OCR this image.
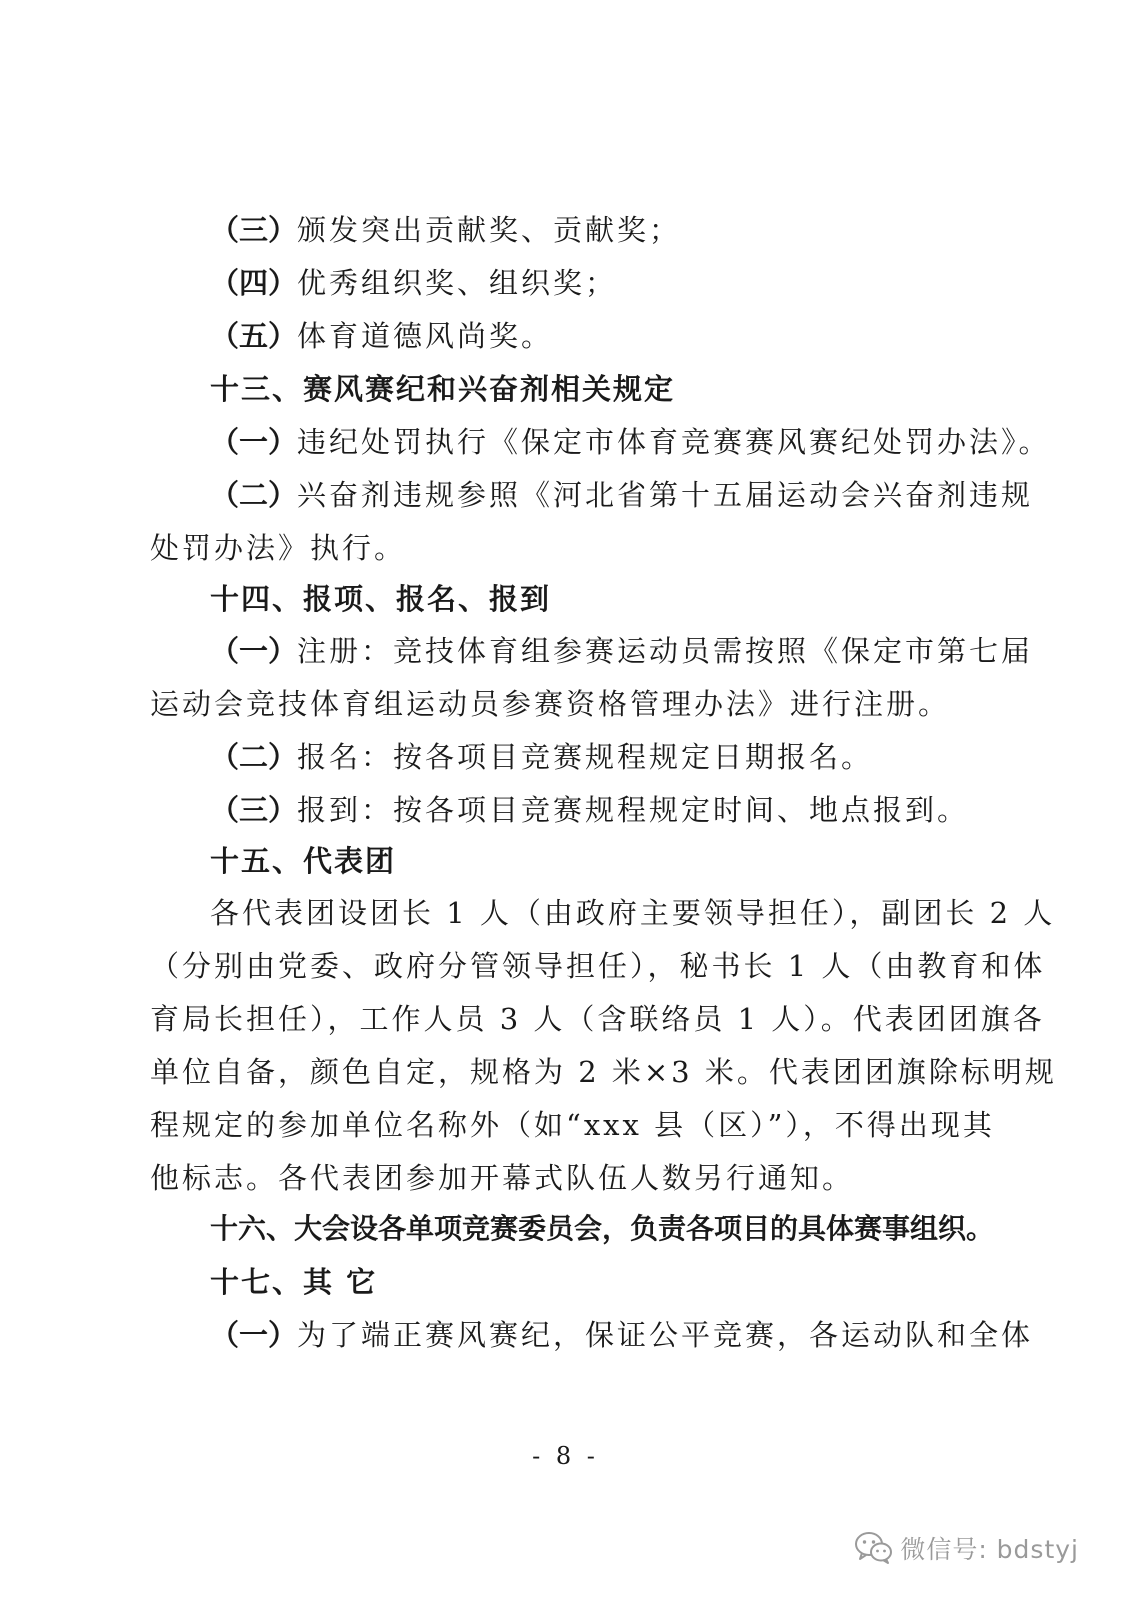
（三）颁发突出贡献奖、贡献奖；
（四）优秀组织奖、组织奖；
（五）体育道德风尚奖。
十三、赛风赛纪和兴奋剂相关规定
（一）违纪处罚执行《保定市体育竞赛赛风赛纪处罚办法》。
（二）兴奋剂违规参照《河北省第十五届运动会兴奋剂违规
处罚办法》执行。
十四、报项、报名、报到
（一）注册：竞技体育组参赛运动员需按照《保定市第七届
运动会竞技体育组运动员参赛资格管理办法》进行注册。
（二）报名：按各项目竞赛规程规定日期报名。
（三）报到：按各项目竞赛规程规定时间、地点报到。
十五、代表团
各代表团设团长 1 人（由政府主要领导担任），副团长 2 人
（分别由党委、政府分管领导担任），秘书长 1 人（由教育和体
育局长担任），工作人员 3 人（含联络员 1 人）。代表团团旗各
单位自备，颜色自定，规格为 2 米×3 米。代表团团旗除标明规
程规定的参加单位名称外（如“xxx 县（区）”），不得出现其
他标志。各代表团参加开幕式队伍人数另行通知。
十六、大会设各单项竞赛委员会，负责各项目的具体赛事组织。
十七、其 它
（一）为了端正赛风赛纪，保证公平竞赛，各运动队和全体
- 8 -
微信号: bdstyj
